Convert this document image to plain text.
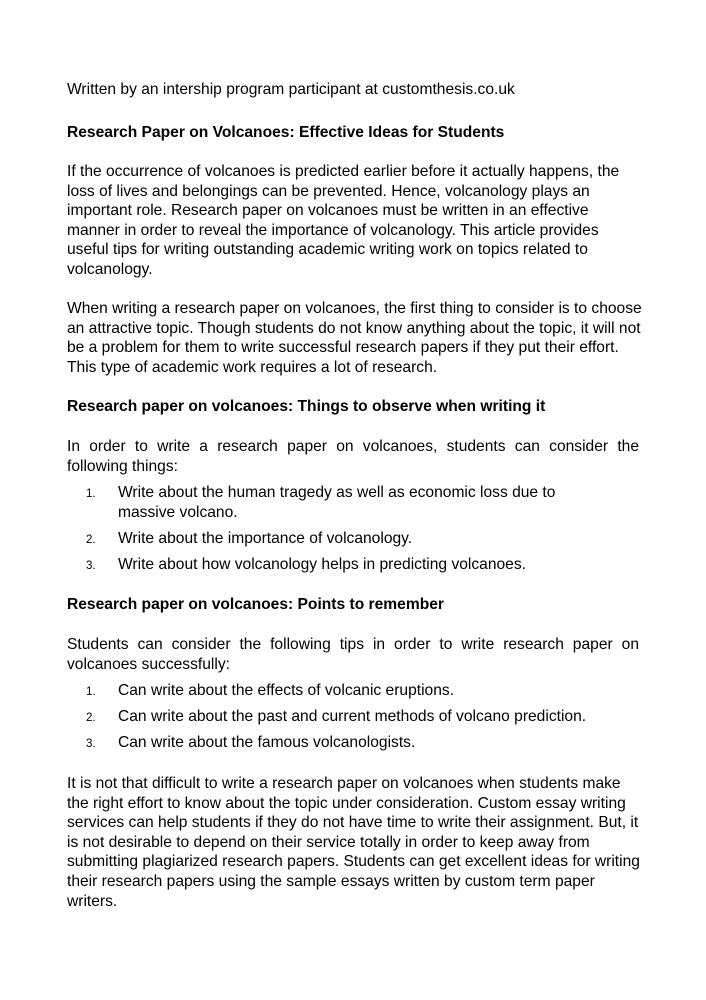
Written by an intership program participant at customthesis.co.uk

Research Paper on Volcanoes: Effective Ideas for Students

If the occurrence of volcanoes is predicted earlier before it actually happens, the loss of lives and belongings can be prevented. Hence, volcanology plays an important role. Research paper on volcanoes must be written in an effective manner in order to reveal the importance of volcanology. This article provides useful tips for writing outstanding academic writing work on topics related to volcanology.

When writing a research paper on volcanoes, the first thing to consider is to choose an attractive topic. Though students do not know anything about the topic, it will not be a problem for them to write successful research papers if they put their effort. This type of academic work requires a lot of research.

Research paper on volcanoes: Things to observe when writing it

In order to write a research paper on volcanoes, students can consider the following things:

1. Write about the human tragedy as well as economic loss due to massive volcano.
2. Write about the importance of volcanology.
3. Write about how volcanology helps in predicting volcanoes.

Research paper on volcanoes: Points to remember

Students can consider the following tips in order to write research paper on volcanoes successfully:

1. Can write about the effects of volcanic eruptions.
2. Can write about the past and current methods of volcano prediction.
3. Can write about the famous volcanologists.

It is not that difficult to write a research paper on volcanoes when students make the right effort to know about the topic under consideration. Custom essay writing services can help students if they do not have time to write their assignment. But, it is not desirable to depend on their service totally in order to keep away from submitting plagiarized research papers. Students can get excellent ideas for writing their research papers using the sample essays written by custom term paper writers.
